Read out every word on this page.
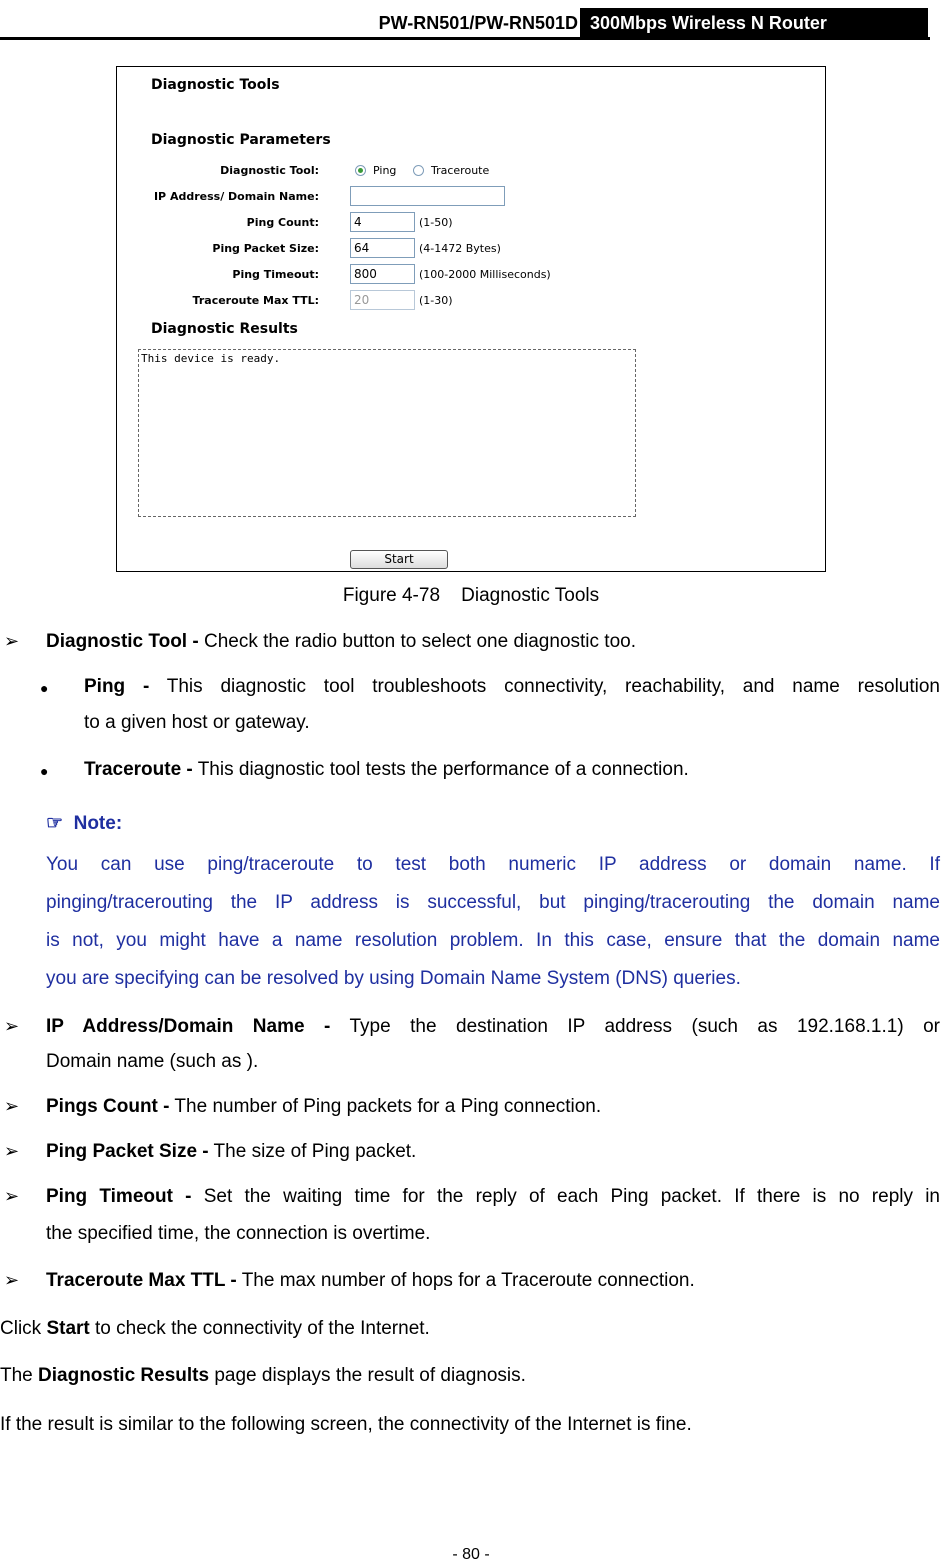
PW-RN501/PW-RN501D 300Mbps Wireless N Router
Diagnostic Tools
Diagnostic Parameters
Diagnostic Tool:	Ping	Traceroute
IP Address/ Domain Name:
Ping Count:	4	(1-50)
Ping Packet Size:	64	(4-1472 Bytes)
Ping Timeout:	800	(100-2000 Milliseconds)
Traceroute Max TTL:	20	(1-30)
Diagnostic Results
This device is ready.
Start
Figure 4-78    Diagnostic Tools
➢ Diagnostic Tool - Check the radio button to select one diagnostic too.
● Ping - This diagnostic tool troubleshoots connectivity, reachability, and name resolution
to a given host or gateway.
● Traceroute - This diagnostic tool tests the performance of a connection.
☞ Note:
You can use ping/traceroute to test both numeric IP address or domain name. If
pinging/tracerouting the IP address is successful, but pinging/tracerouting the domain name
is not, you might have a name resolution problem. In this case, ensure that the domain name
you are specifying can be resolved by using Domain Name System (DNS) queries.
➢ IP Address/Domain Name - Type the destination IP address (such as 192.168.1.1) or
Domain name (such as ).
➢ Pings Count - The number of Ping packets for a Ping connection.
➢ Ping Packet Size - The size of Ping packet.
➢ Ping Timeout - Set the waiting time for the reply of each Ping packet. If there is no reply in
the specified time, the connection is overtime.
➢ Traceroute Max TTL - The max number of hops for a Traceroute connection.
Click Start to check the connectivity of the Internet.
The Diagnostic Results page displays the result of diagnosis.
If the result is similar to the following screen, the connectivity of the Internet is fine.
- 80 -
